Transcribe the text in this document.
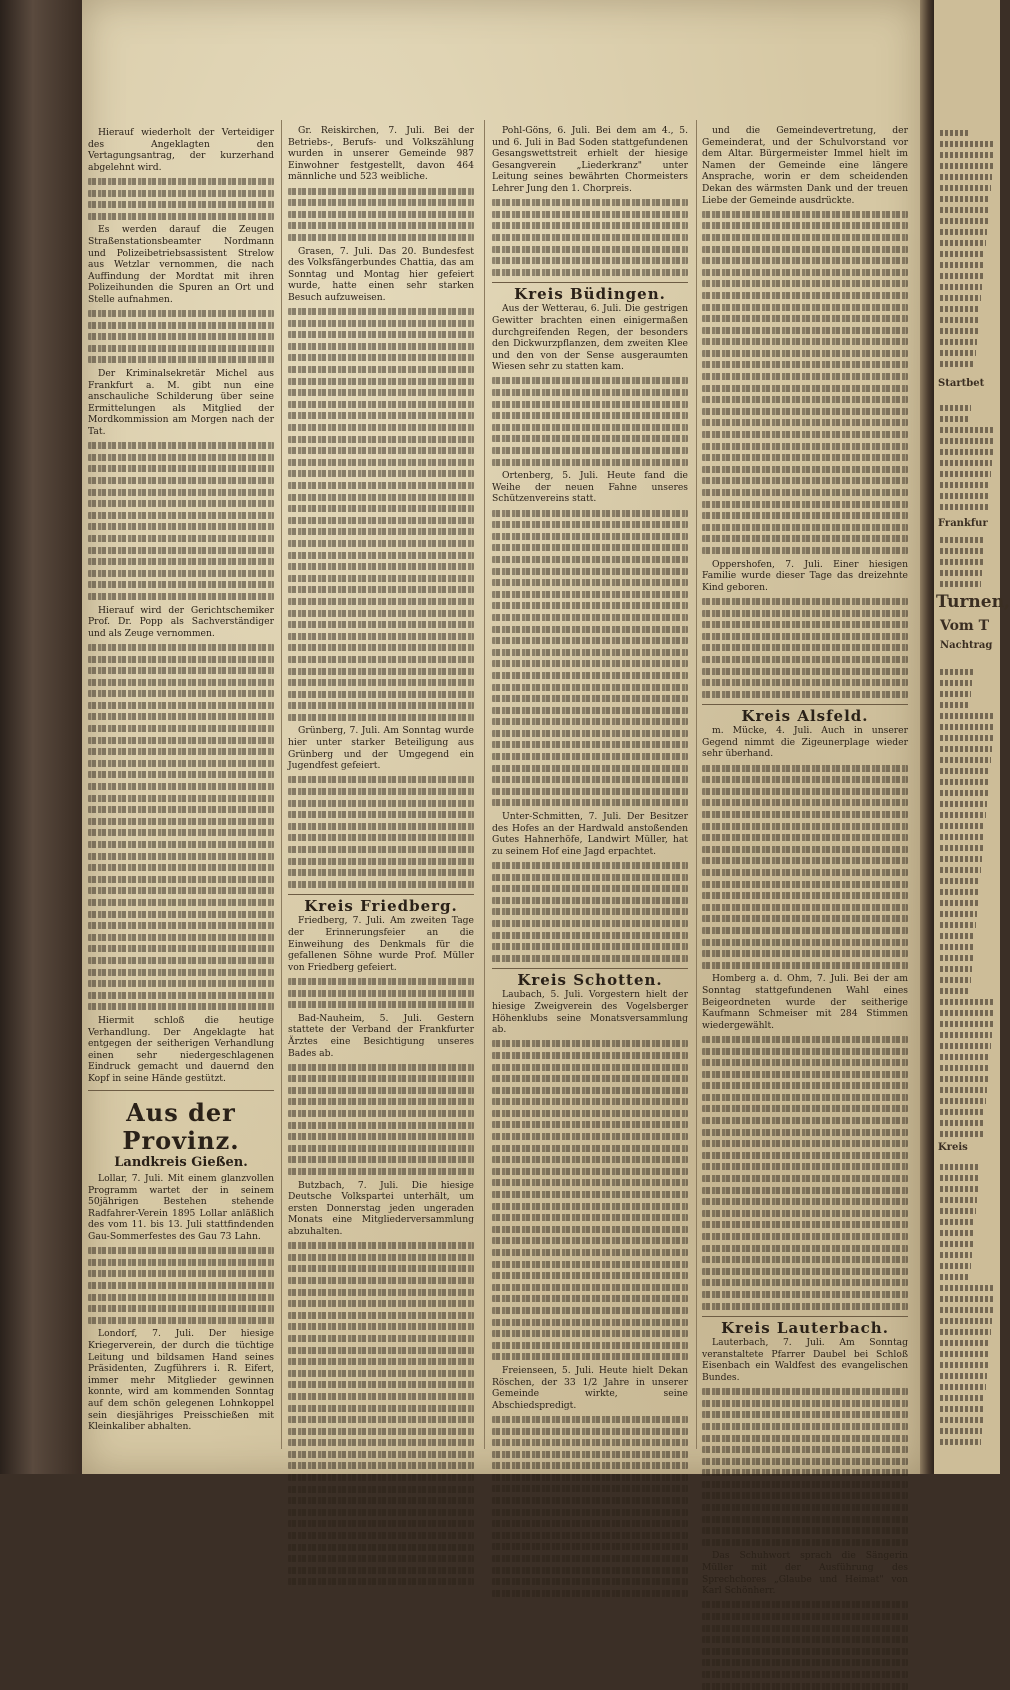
Hierauf wiederholt der Verteidiger des Angeklagten den Vertagungsantrag, der kurzerhand abgelehnt wird.

Es werden darauf die Zeugen Straßenstationsbeamter Nordmann und Polizeibetriebsassistent Strelow aus Wetzlar vernommen, die nach Auffindung der Mordtat mit ihren Polizeihunden die Spuren an Ort und Stelle aufnahmen.

Der Kriminalsekretär Michel aus Frankfurt a. M. gibt nun eine anschauliche Schilderung über seine Ermittelungen als Mitglied der Mordkommission am Morgen nach der Tat.

Hierauf wird der Gerichtschemiker Prof. Dr. Popp als Sachverständiger und als Zeuge vernommen.

Hiermit schloß die heutige Verhandlung. Der Angeklagte hat entgegen der seitherigen Verhandlung einen sehr niedergeschlagenen Eindruck gemacht und dauernd den Kopf in seine Hände gestützt.

Aus der Provinz.
Landkreis Gießen.

Lollar, 7. Juli. Mit einem glanzvollen Programm wartet der in seinem 50jährigen Bestehen stehende Radfahrer-Verein 1895 Lollar anläßlich des vom 11. bis 13. Juli stattfindenden Gau-Sommerfestes des Gau 73 Lahn.

Londorf, 7. Juli. Der hiesige Kriegerverein, der durch die tüchtige Leitung und bildsamen Hand seines Präsidenten, Zugführers i. R. Eifert, immer mehr Mitglieder gewinnen konnte, wird am kommenden Sonntag auf dem schön gelegenen Lohnkoppel sein diesjähriges Preisschießen mit Kleinkaliber abhalten.

Gr. Reiskirchen, 7. Juli. Bei der Betriebs-, Berufs- und Volkszählung wurden in unserer Gemeinde 987 Einwohner festgestellt, davon 464 männliche und 523 weibliche.

Grasen, 7. Juli. Das 20. Bundesfest des Volksfängerbundes Chattia, das am Sonntag und Montag hier gefeiert wurde, hatte einen sehr starken Besuch aufzuweisen.

Grünberg, 7. Juli. Am Sonntag wurde hier unter starker Beteiligung aus Grünberg und der Umgegend ein Jugendfest gefeiert.

Kreis Friedberg.

Friedberg, 7. Juli. Am zweiten Tage der Erinnerungsfeier an die Einweihung des Denkmals für die gefallenen Söhne wurde Prof. Müller von Friedberg gefeiert.

Bad-Nauheim, 5. Juli. Gestern stattete der Verband der Frankfurter Ärztes eine Besichtigung unseres Bades ab.

Butzbach, 7. Juli. Die hiesige Deutsche Volkspartei unterhält, um ersten Donnerstag jeden ungeraden Monats eine Mitgliederversammlung abzuhalten.

Pohl-Göns, 6. Juli. Bei dem am 4., 5. und 6. Juli in Bad Soden stattgefundenen Gesangswettstreit erhielt der hiesige Gesangverein „Liederkranz" unter Leitung seines bewährten Chormeisters Lehrer Jung den 1. Chorpreis.

Kreis Büdingen.

Aus der Wetterau, 6. Juli. Die gestrigen Gewitter brachten einen einigermaßen durchgreifenden Regen, der besonders den Dickwurzpflanzen, dem zweiten Klee und den von der Sense ausgeraumten Wiesen sehr zu statten kam.

Ortenberg, 5. Juli. Heute fand die Weihe der neuen Fahne unseres Schützenvereins statt.

Unter-Schmitten, 7. Juli. Der Besitzer des Hofes an der Hardwald anstoßenden Gutes Hahnerhöfe, Landwirt Müller, hat zu seinem Hof eine Jagd erpachtet.

Kreis Schotten.

Laubach, 5. Juli. Vorgestern hielt der hiesige Zweigverein des Vogelsberger Höhenklubs seine Monatsversammlung ab.

Freienseen, 5. Juli. Heute hielt Dekan Röschen, der 33 1/2 Jahre in unserer Gemeinde wirkte, seine Abschiedspredigt.

und die Gemeindevertretung, der Gemeinderat, und der Schulvorstand vor dem Altar. Bürgermeister Immel hielt im Namen der Gemeinde eine längere Ansprache, worin er dem scheidenden Dekan des wärmsten Dank und der treuen Liebe der Gemeinde ausdrückte.

Oppershofen, 7. Juli. Einer hiesigen Familie wurde dieser Tage das dreizehnte Kind geboren.

Kreis Alsfeld.

m. Mücke, 4. Juli. Auch in unserer Gegend nimmt die Zigeunerplage wieder sehr überhand.

Homberg a. d. Ohm, 7. Juli. Bei der am Sonntag stattgefundenen Wahl eines Beigeordneten wurde der seitherige Kaufmann Schmeiser mit 284 Stimmen wiedergewählt.

Kreis Lauterbach.

Lauterbach, 7. Juli. Am Sonntag veranstaltete Pfarrer Daubel bei Schloß Eisenbach ein Waldfest des evangelischen Bundes.

Das Schuhwort sprach die Sängerin Müller mit der Ausführung des Sprechchores „Glaube und Heimat" von Karl Schönherr.

Startbet
Frankfur
Turnen,
Vom T
Nachtrag
Kreis
